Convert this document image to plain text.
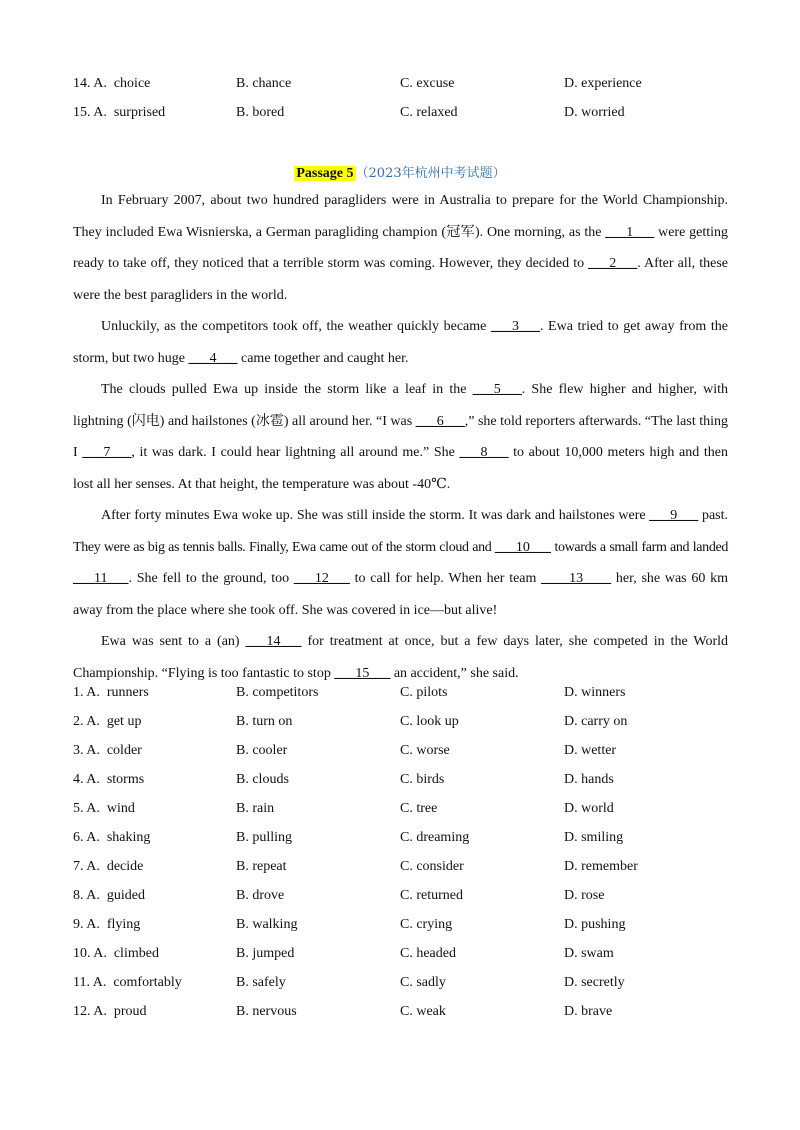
14. A. choice	B. chance	C. excuse	D. experience
15. A. surprised	B. bored	C. relaxed	D. worried
Passage 5 （2023年杭州中考试题）

In February 2007, about two hundred paragliders were in Australia to prepare for the World Championship. They included Ewa Wisnierska, a German paragliding champion (冠军). One morning, as the ___1___ were getting ready to take off, they noticed that a terrible storm was coming. However, they decided to ___2___. After all, these were the best paragliders in the world.

Unluckily, as the competitors took off, the weather quickly became ___3___. Ewa tried to get away from the storm, but two huge ___4___ came together and caught her.

The clouds pulled Ewa up inside the storm like a leaf in the ___5___. She flew higher and higher, with lightning (闪电) and hailstones (冰雹) all around her. “I was ___6___,” she told reporters afterwards. “The last thing I ___7___, it was dark. I could hear lightning all around me.” She ___8___ to about 10,000 meters high and then lost all her senses. At that height, the temperature was about -40℃.

After forty minutes Ewa woke up. She was still inside the storm. It was dark and hailstones were ___9___ past. They were as big as tennis balls. Finally, Ewa came out of the storm cloud and ___10___ towards a small farm and landed ___11___. She fell to the ground, too ___12___ to call for help. When her team ____13____ her, she was 60 km away from the place where she took off. She was covered in ice—but alive!

Ewa was sent to a (an) ___14___ for treatment at once, but a few days later, she competed in the World Championship. “Flying is too fantastic to stop ___15___ an accident,” she said.

1. A. runners	B. competitors	C. pilots	D. winners
2. A. get up	B. turn on	C. look up	D. carry on
3. A. colder	B. cooler	C. worse	D. wetter
4. A. storms	B. clouds	C. birds	D. hands
5. A. wind	B. rain	C. tree	D. world
6. A. shaking	B. pulling	C. dreaming	D. smiling
7. A. decide	B. repeat	C. consider	D. remember
8. A. guided	B. drove	C. returned	D. rose
9. A. flying	B. walking	C. crying	D. pushing
10. A. climbed	B. jumped	C. headed	D. swam
11. A. comfortably	B. safely	C. sadly	D. secretly
12. A. proud	B. nervous	C. weak	D. brave
